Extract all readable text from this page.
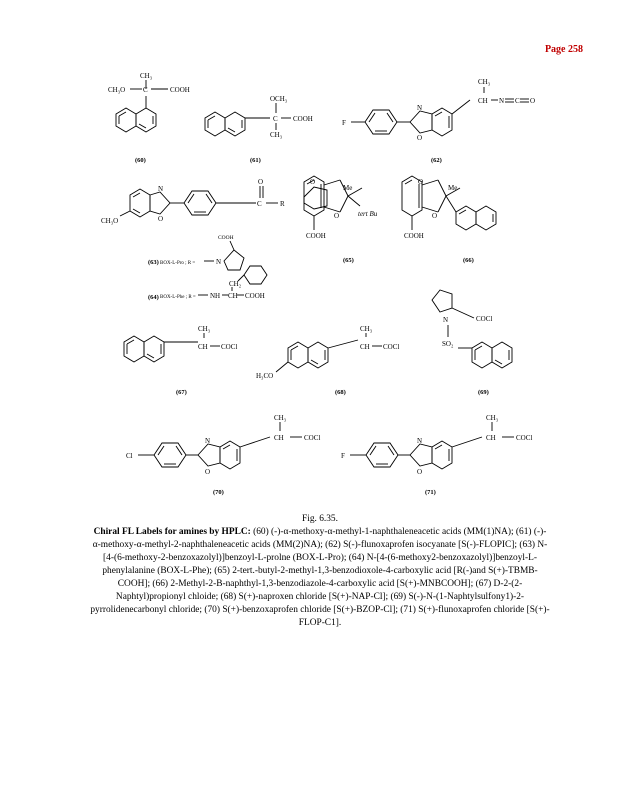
Page 258
CH₃
CH₃O	C	COOH
OCH₃
C COOH
CH₃
CH₃
CH N C O
F
N
O
O
C	R
N
O
CH₃O
N
COOH
NH
CH₂
CH COOH
O
O
Me
tert Bu
COOH
O
O
Me
COOH
CH₃
CH COCl
CH₃
CH COCl
H₃CO
N	COCl
SO₂
CH₃
CH	COCl
Cl
N
O
CH₃
CH	COCl
F
N
O
(60)	(61)	(62)
(63)
(64)
(65)	(66)
(67)	(68)	(69)
(70)	(71)
BOX-L-Pro ; R =
BOX-L-Phe ; R =
Fig. 6.35.
Chiral FL Labels for amines by HPLC: (60) (-)-α-methoxy-α-methyl-1-naphthaleneacetic acids (MM(1)NA); (61) (-)-α-methoxy-α-methyl-2-naphthaleneacetic acids (MM(2)NA); (62) S(-)-flunoxaprofen isocyanate [S(-)-FLOPIC]; (63) N-[4-(6-methoxy-2-benzoxazolyl)]benzoyl-L-prolne (BOX-L-Pro); (64) N-[4-(6-methoxy2-benzoxazolyl)]benzoyl-L-phenylalanine (BOX-L-Phe); (65) 2-tert.-butyl-2-methyl-1,3-benzodioxole-4-carboxylic acid [R(-)and S(+)-TBMB-COOH]; (66) 2-Methyl-2-B-naphthyl-1,3-benzodiazole-4-carboxylic acid [S(+)-MNBCOOH]; (67) D-2-(2-Naphtyl)propionyl chloide; (68) S(+)-naproxen chloride [S(+)-NAP-Cl]; (69) S(-)-N-(1-Naphtylsulfony1)-2-pyrrolidenecarbonyl chloride; (70) S(+)-benzoxaprofen chloride [S(+)-BZOP-Cl]; (71) S(+)-flunoxaprofen chloride [S(+)-FLOP-C1].
